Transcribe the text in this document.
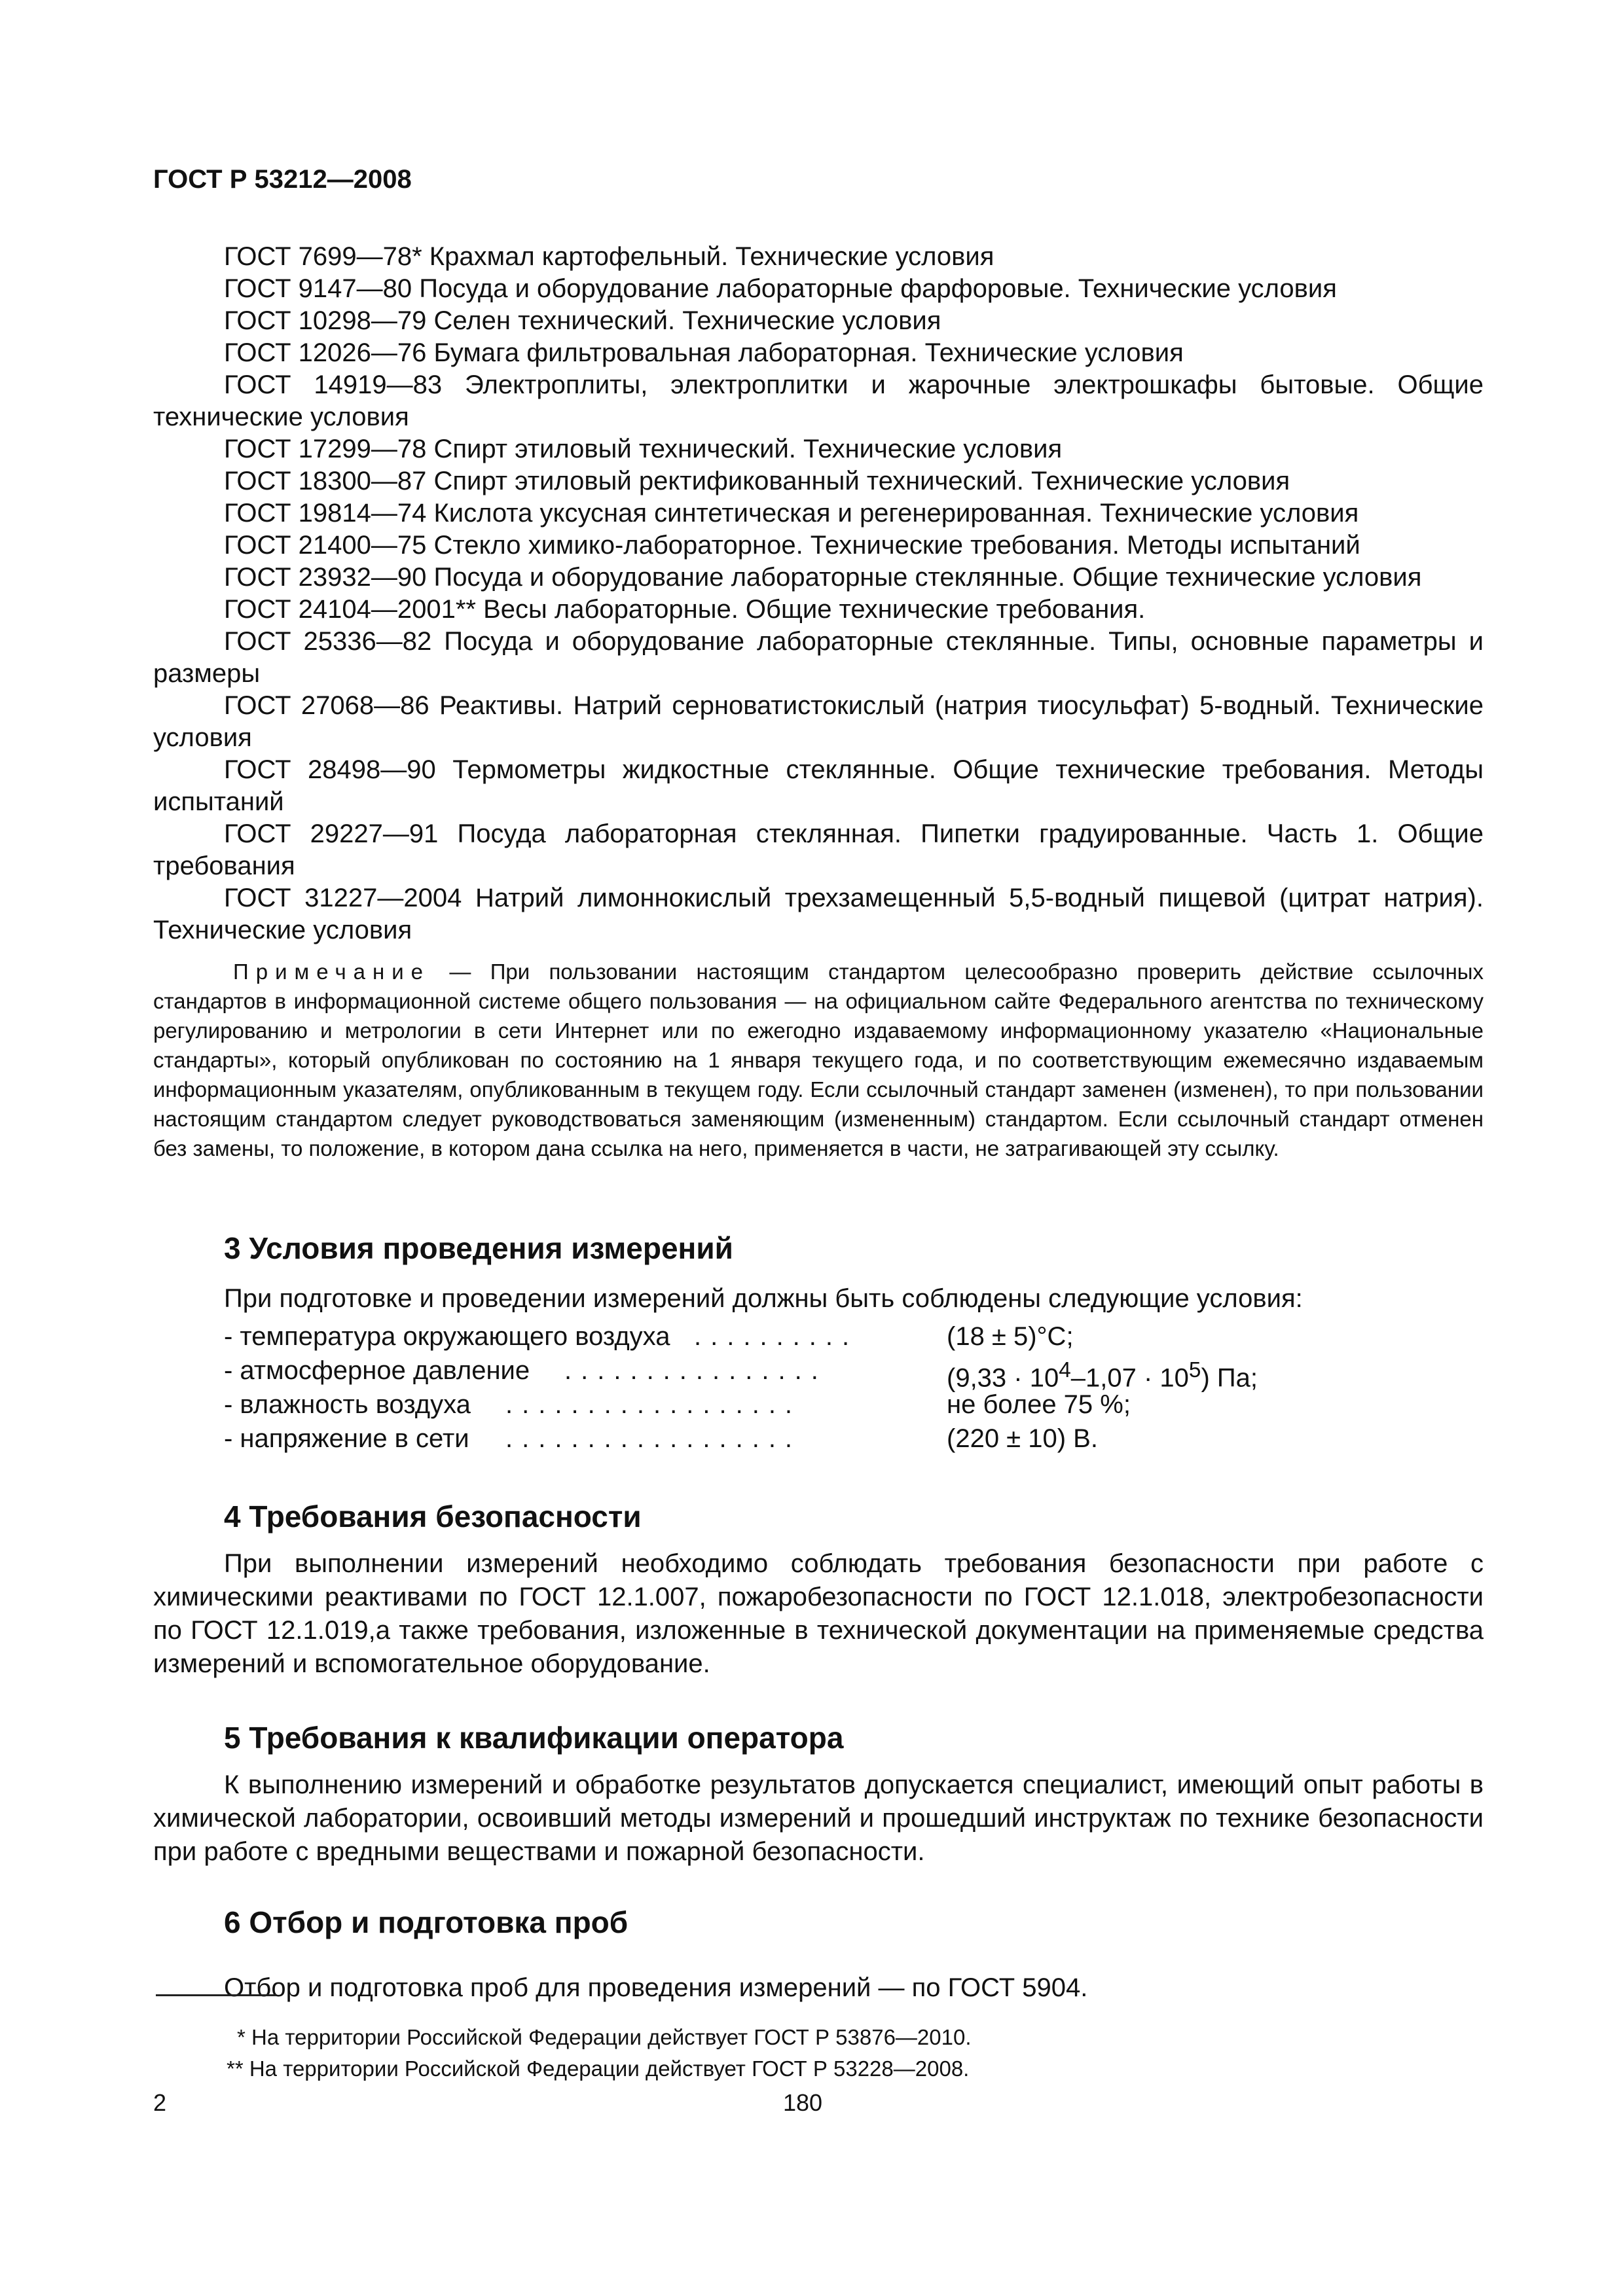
ГОСТ Р 53212—2008

ГОСТ 7699—78* Крахмал картофельный. Технические условия

ГОСТ 9147—80 Посуда и оборудование лабораторные фарфоровые. Технические условия

ГОСТ 10298—79 Селен технический. Технические условия

ГОСТ 12026—76 Бумага фильтровальная лабораторная. Технические условия

ГОСТ 14919—83 Электроплиты, электроплитки и жарочные электрошкафы бытовые. Общие технические условия

ГОСТ 17299—78 Спирт этиловый технический. Технические условия

ГОСТ 18300—87 Спирт этиловый ректификованный технический. Технические условия

ГОСТ 19814—74 Кислота уксусная синтетическая и регенерированная. Технические условия

ГОСТ 21400—75 Стекло химико-лабораторное. Технические требования. Методы испытаний

ГОСТ 23932—90 Посуда и оборудование лабораторные стеклянные. Общие технические условия

ГОСТ 24104—2001** Весы лабораторные. Общие технические требования.

ГОСТ 25336—82 Посуда и оборудование лабораторные стеклянные. Типы, основные параметры и размеры

ГОСТ 27068—86 Реактивы. Натрий серноватистокислый (натрия тиосульфат) 5-водный. Технические условия

ГОСТ 28498—90 Термометры жидкостные стеклянные. Общие технические требования. Методы испытаний

ГОСТ 29227—91 Посуда лабораторная стеклянная. Пипетки градуированные. Часть 1. Общие требования

ГОСТ 31227—2004 Натрий лимоннокислый трехзамещенный 5,5-водный пищевой (цитрат натрия). Технические условия

Примечание — При пользовании настоящим стандартом целесообразно проверить действие ссылочных стандартов в информационной системе общего пользования — на официальном сайте Федерального агентства по техническому регулированию и метрологии в сети Интернет или по ежегодно издаваемому информационному указателю «Национальные стандарты», который опубликован по состоянию на 1 января текущего года, и по соответствующим ежемесячно издаваемым информационным указателям, опубликованным в текущем году. Если ссылочный стандарт заменен (изменен), то при пользовании настоящим стандартом следует руководствоваться заменяющим (измененным) стандартом. Если ссылочный стандарт отменен без замены, то положение, в котором дана ссылка на него, применяется в части, не затрагивающей эту ссылку.

3 Условия проведения измерений
При подготовке и проведении измерений должны быть соблюдены следующие условия:
- температура окружающего воздуха ..........	(18 ± 5)°С;
- атмосферное давление ................	$(9,33 \cdot 10^4-1,07 \cdot 10^5)$ Па;
- влажность воздуха ..................	не более 75 %;
- напряжение в сети ..................	(220 ± 10) В.
4 Требования безопасности

При выполнении измерений необходимо соблюдать требования безопасности при работе с химическими реактивами по ГОСТ 12.1.007, пожаробезопасности по ГОСТ 12.1.018, электробезопасности по ГОСТ 12.1.019,а также требования, изложенные в технической документации на применяемые средства измерений и вспомогательное оборудование.

5 Требования к квалификации оператора

К выполнению измерений и обработке результатов допускается специалист, имеющий опыт работы в химической лаборатории, освоивший методы измерений и прошедший инструктаж по технике безопасности при работе с вредными веществами и пожарной безопасности.

6 Отбор и подготовка проб

Отбор и подготовка проб для проведения измерений — по ГОСТ 5904.

* На территории Российской Федерации действует ГОСТ Р 53876—2010.
** На территории Российской Федерации действует ГОСТ Р 53228—2008.
2	180
